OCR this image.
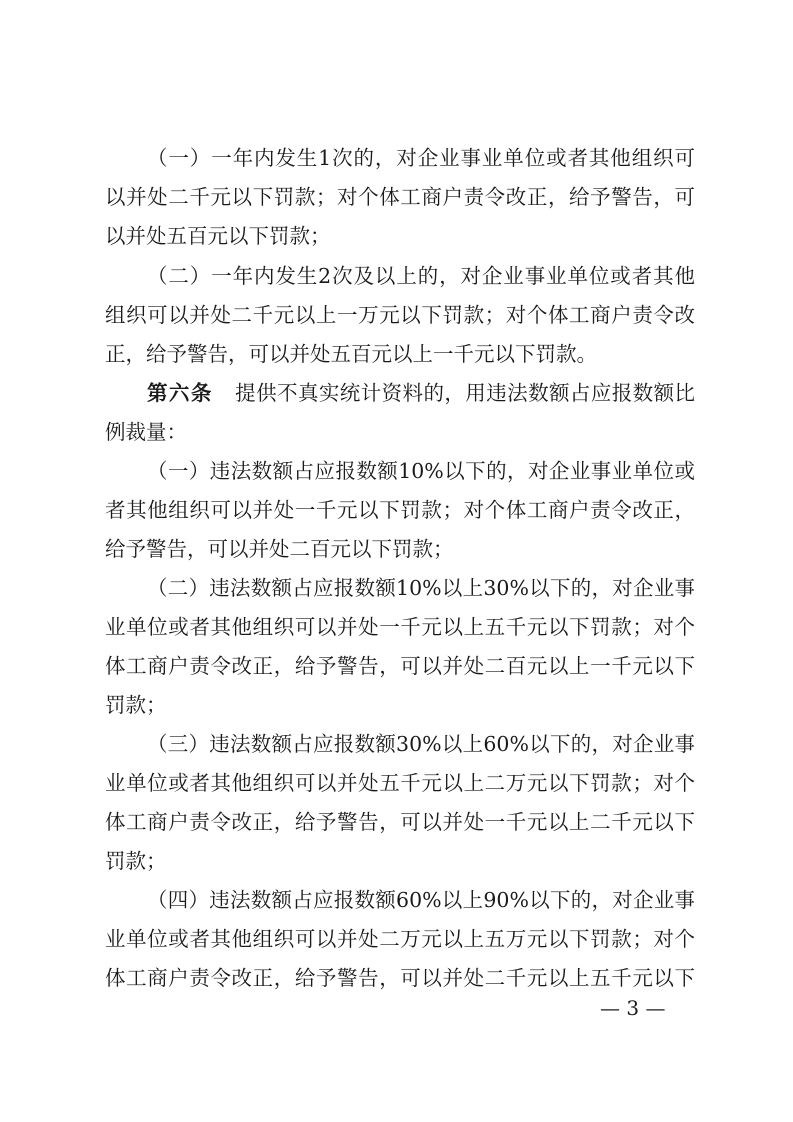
（一）一年内发生1次的，对企业事业单位或者其他组织可

以并处二千元以下罚款；对个体工商户责令改正，给予警告，可

以并处五百元以下罚款；

（二）一年内发生2次及以上的，对企业事业单位或者其他

组织可以并处二千元以上一万元以下罚款；对个体工商户责令改

正，给予警告，可以并处五百元以上一千元以下罚款。

第六条 提供不真实统计资料的，用违法数额占应报数额比

例裁量：

（一）违法数额占应报数额10%以下的，对企业事业单位或

者其他组织可以并处一千元以下罚款；对个体工商户责令改正，

给予警告，可以并处二百元以下罚款；

（二）违法数额占应报数额10%以上30%以下的，对企业事

业单位或者其他组织可以并处一千元以上五千元以下罚款；对个

体工商户责令改正，给予警告，可以并处二百元以上一千元以下

罚款；

（三）违法数额占应报数额30%以上60%以下的，对企业事

业单位或者其他组织可以并处五千元以上二万元以下罚款；对个

体工商户责令改正，给予警告，可以并处一千元以上二千元以下

罚款；

（四）违法数额占应报数额60%以上90%以下的，对企业事

业单位或者其他组织可以并处二万元以上五万元以下罚款；对个

体工商户责令改正，给予警告，可以并处二千元以上五千元以下

— 3 —
